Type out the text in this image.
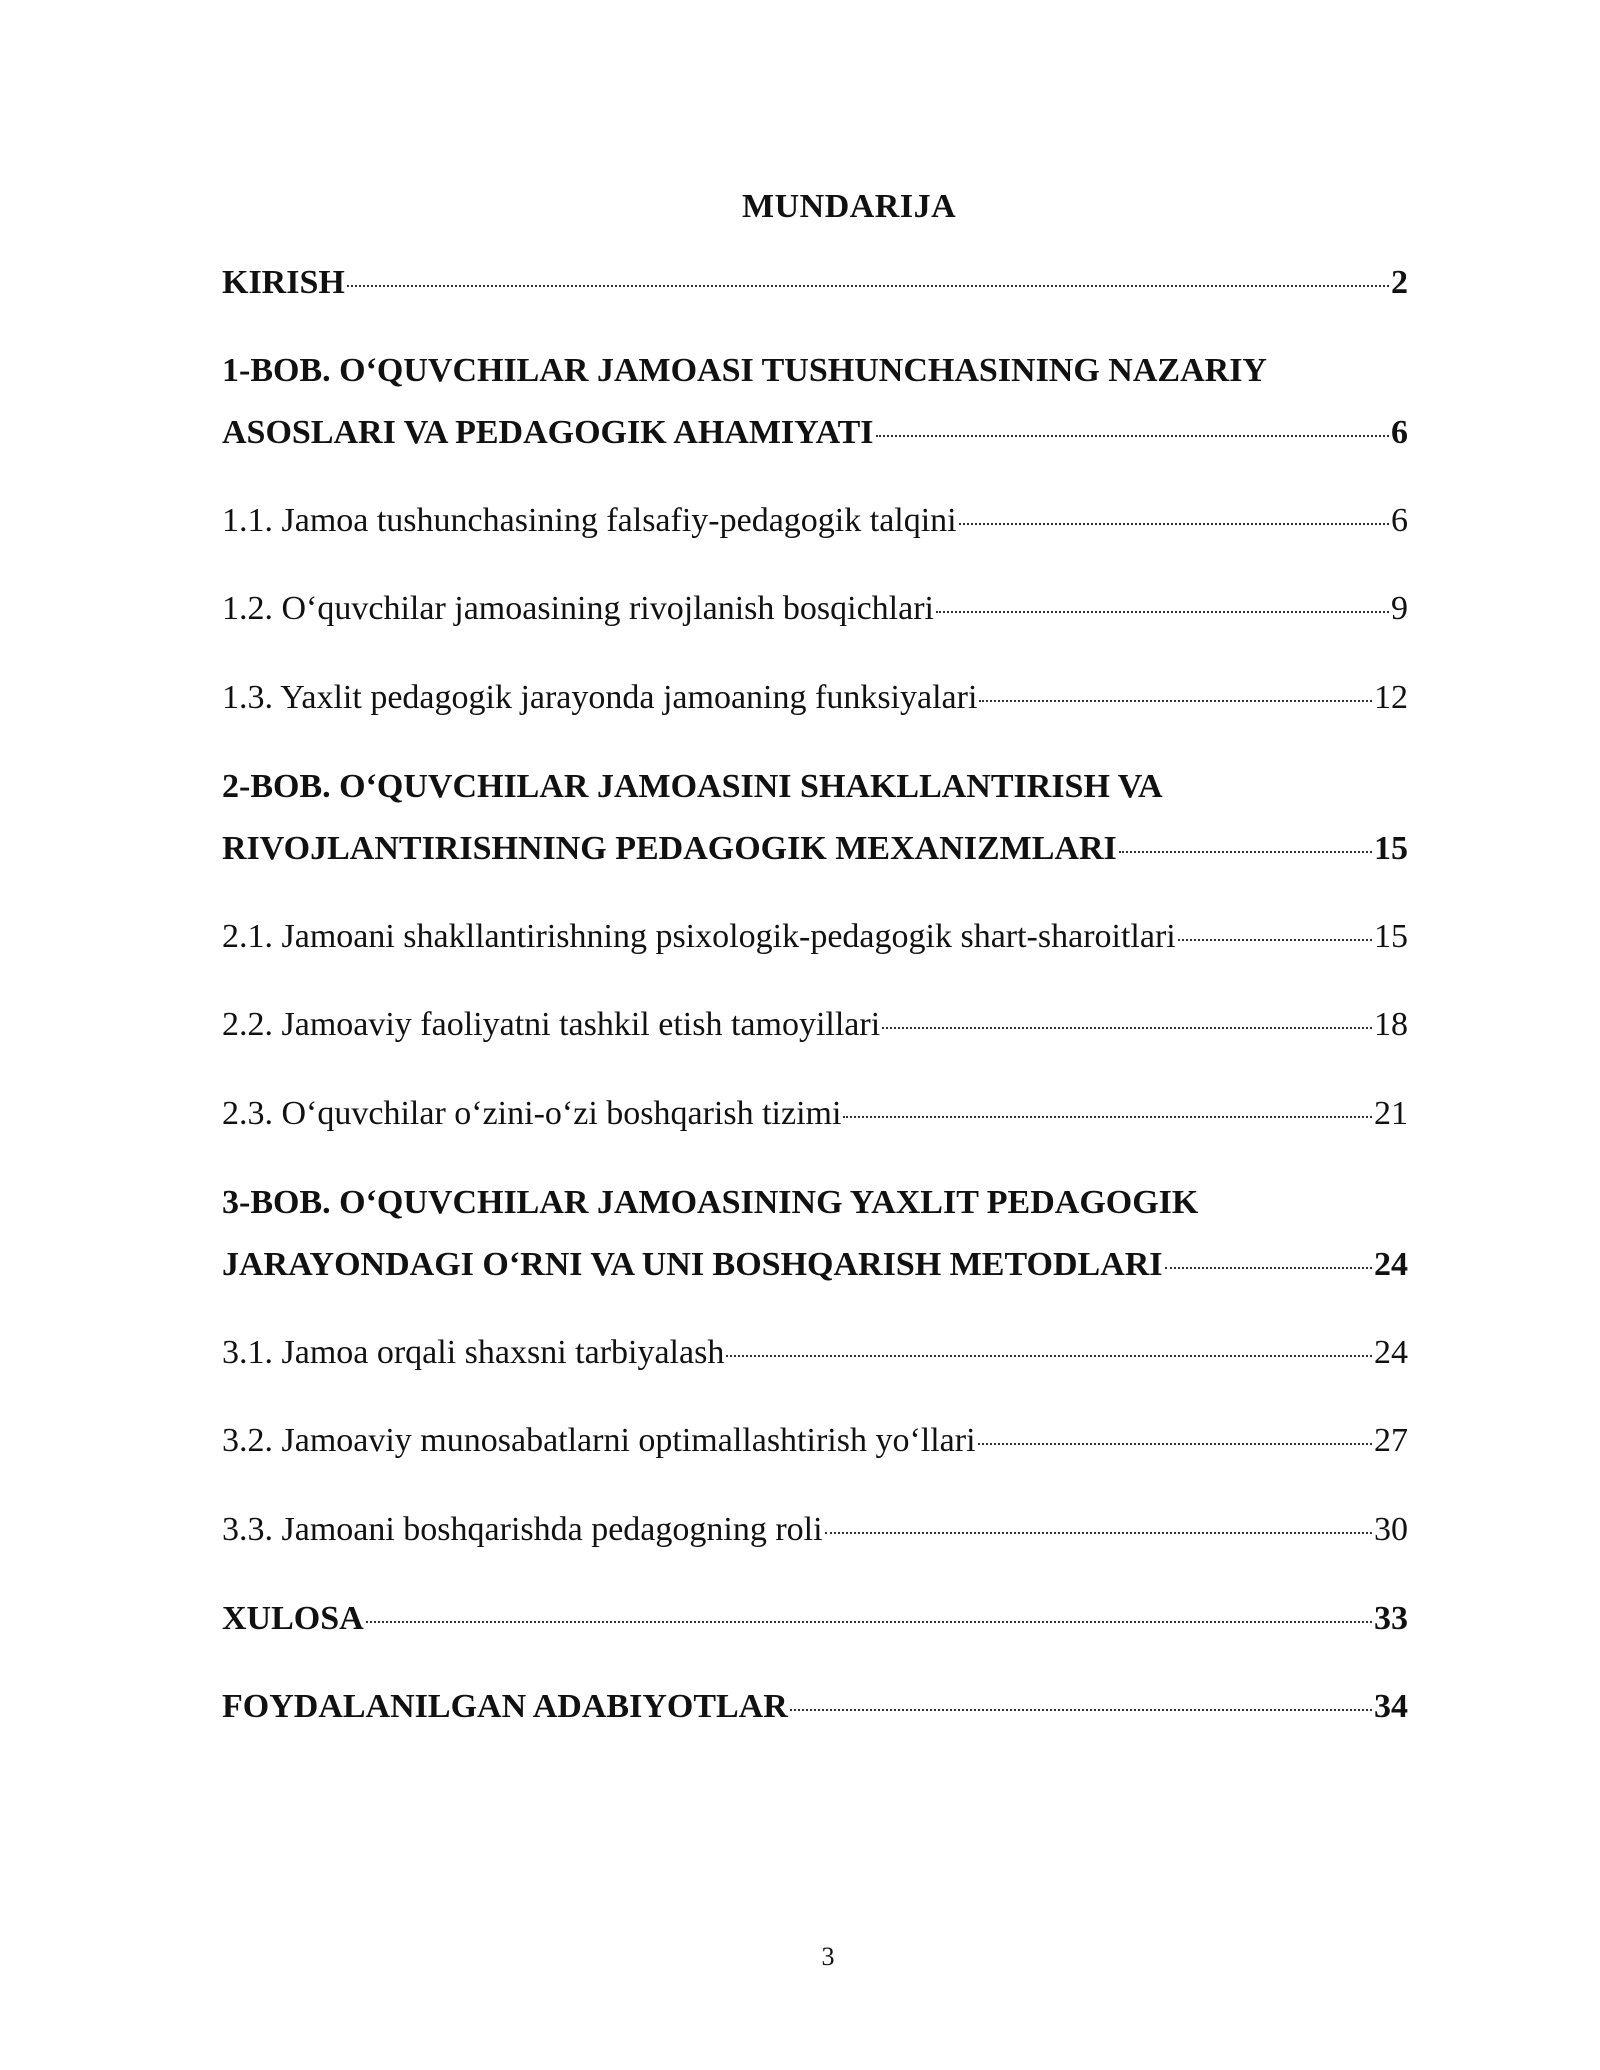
MUNDARIJA
KIRISH	2
1-BOB. O‘QUVCHILAR JAMOASI TUSHUNCHASINING NAZARIY
ASOSLARI VA PEDAGOGIK AHAMIYATI	6
1.1. Jamoa tushunchasining falsafiy-pedagogik talqini	6
1.2. O‘quvchilar jamoasining rivojlanish bosqichlari	9
1.3. Yaxlit pedagogik jarayonda jamoaning funksiyalari	12
2-BOB. O‘QUVCHILAR JAMOASINI SHAKLLANTIRISH VA
RIVOJLANTIRISHNING PEDAGOGIK MEXANIZMLARI	15
2.1. Jamoani shakllantirishning psixologik-pedagogik shart-sharoitlari	15
2.2. Jamoaviy faoliyatni tashkil etish tamoyillari	18
2.3. O‘quvchilar o‘zini-o‘zi boshqarish tizimi	21
3-BOB. O‘QUVCHILAR JAMOASINING YAXLIT PEDAGOGIK
JARAYONDAGI O‘RNI VA UNI BOSHQARISH METODLARI	24
3.1. Jamoa orqali shaxsni tarbiyalash	24
3.2. Jamoaviy munosabatlarni optimallashtirish yo‘llari	27
3.3. Jamoani boshqarishda pedagogning roli	30
XULOSA	33
FOYDALANILGAN ADABIYOTLAR	34
3
